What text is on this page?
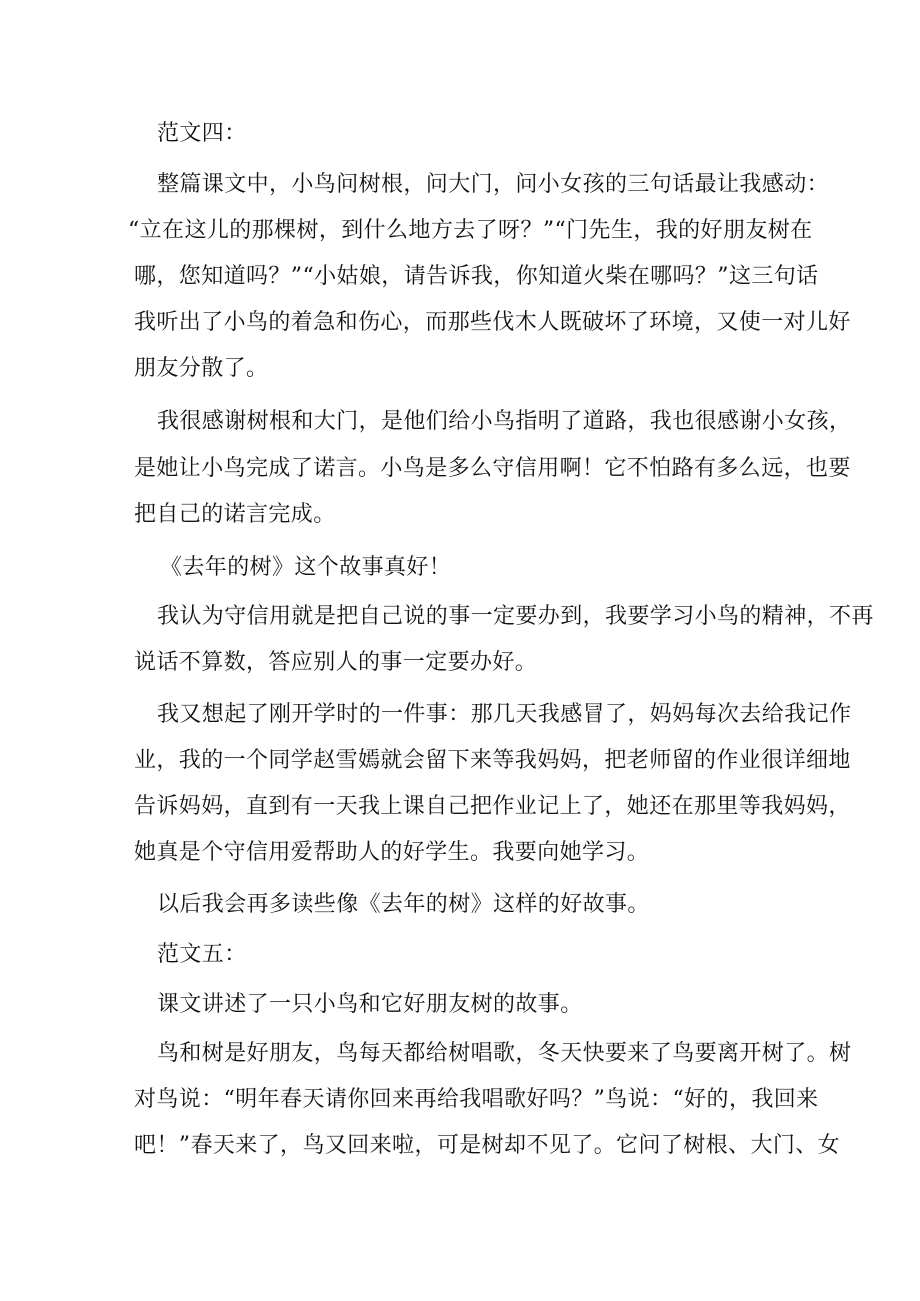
范文四：
整篇课文中，小鸟问树根，问大门，问小女孩的三句话最让我感动：
“立在这儿的那棵树，到什么地方去了呀？”“门先生，我的好朋友树在
哪，您知道吗？”“小姑娘，请告诉我，你知道火柴在哪吗？”这三句话
我听出了小鸟的着急和伤心，而那些伐木人既破坏了环境，又使一对儿好
朋友分散了。
我很感谢树根和大门，是他们给小鸟指明了道路，我也很感谢小女孩，
是她让小鸟完成了诺言。小鸟是多么守信用啊！它不怕路有多么远，也要
把自己的诺言完成。
《去年的树》这个故事真好！
我认为守信用就是把自己说的事一定要办到，我要学习小鸟的精神，不再
说话不算数，答应别人的事一定要办好。
我又想起了刚开学时的一件事：那几天我感冒了，妈妈每次去给我记作
业，我的一个同学赵雪嫣就会留下来等我妈妈，把老师留的作业很详细地
告诉妈妈，直到有一天我上课自己把作业记上了，她还在那里等我妈妈，
她真是个守信用爱帮助人的好学生。我要向她学习。
以后我会再多读些像《去年的树》这样的好故事。
范文五：
课文讲述了一只小鸟和它好朋友树的故事。
鸟和树是好朋友，鸟每天都给树唱歌，冬天快要来了鸟要离开树了。树
对鸟说：“明年春天请你回来再给我唱歌好吗？”鸟说：“好的，我回来
吧！”春天来了，鸟又回来啦，可是树却不见了。它问了树根、大门、女
